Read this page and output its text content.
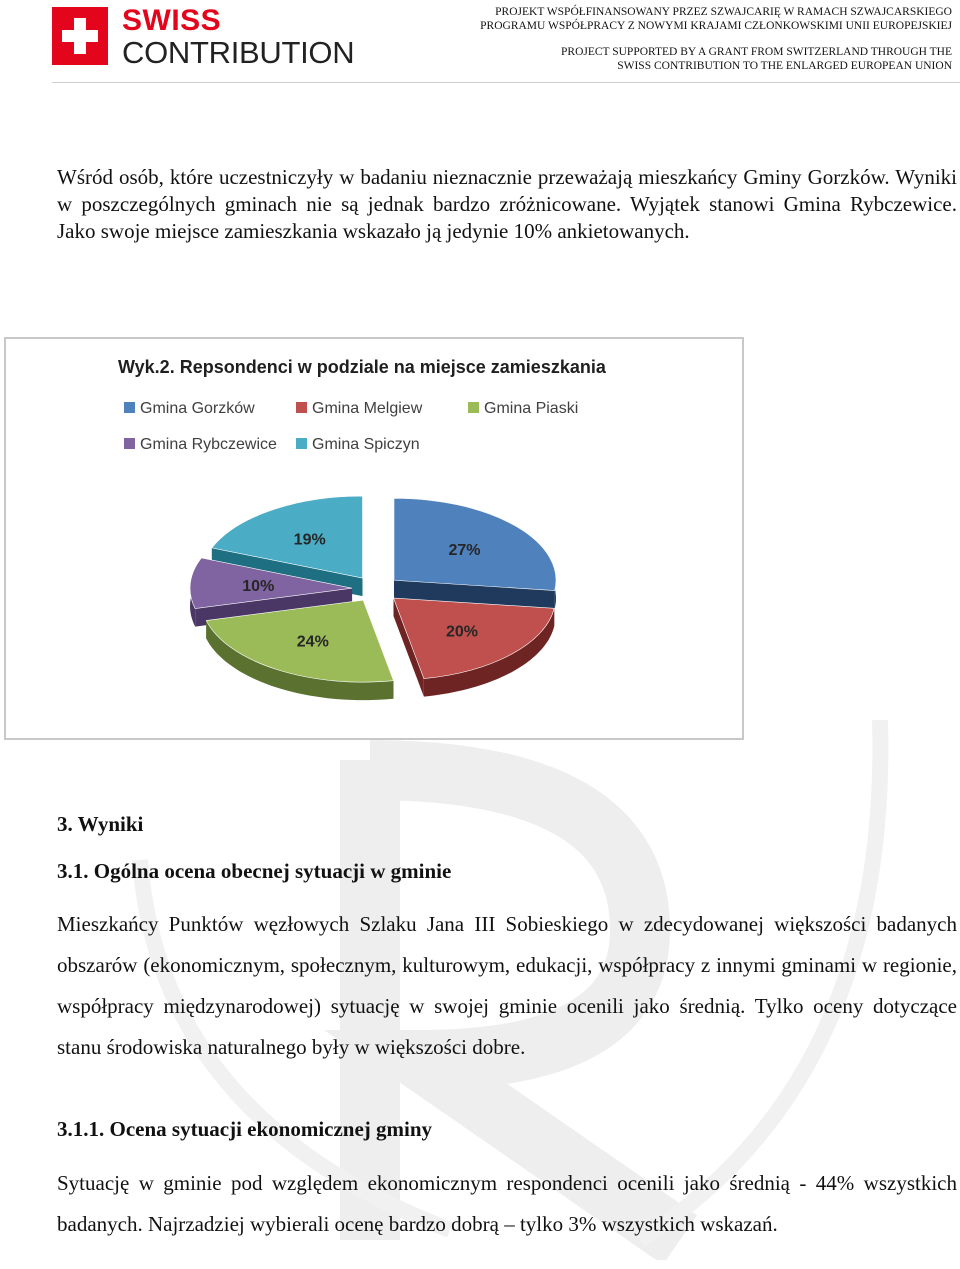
SWISS
CONTRIBUTION
PROJEKT WSPÓŁFINANSOWANY PRZEZ SZWAJCARIĘ W RAMACH SZWAJCARSKIEGO
PROGRAMU WSPÓŁPRACY Z NOWYMI KRAJAMI CZŁONKOWSKIMI UNII EUROPEJSKIEJ
PROJECT SUPPORTED BY A GRANT FROM SWITZERLAND THROUGH THE
SWISS CONTRIBUTION TO THE ENLARGED EUROPEAN UNION

Wśród osób, które uczestniczyły w badaniu nieznacznie przeważają mieszkańcy Gminy Gorzków. Wyniki w poszczególnych gminach nie są jednak bardzo zróżnicowane. Wyjątek stanowi Gmina Rybczewice. Jako swoje miejsce zamieszkania wskazało ją jedynie 10% ankietowanych.

Wyk.2. Repsondenci w podziale na miejsce zamieszkania
Gmina Gorzków	Gmina Melgiew	Gmina Piaski
Gmina Rybczewice Gmina Spiczyn
27%
20%
24%
10%
19%
3. Wyniki
3.1. Ogólna ocena obecnej sytuacji w gminie

Mieszkańcy Punktów węzłowych Szlaku Jana III Sobieskiego w zdecydowanej większości badanych obszarów (ekonomicznym, społecznym, kulturowym, edukacji, współpracy z innymi gminami w regionie, współpracy międzynarodowej) sytuację w swojej gminie ocenili jako średnią. Tylko oceny dotyczące stanu środowiska naturalnego były w większości dobre.

3.1.1. Ocena sytuacji ekonomicznej gminy

Sytuację w gminie pod względem ekonomicznym respondenci ocenili jako średnią - 44% wszystkich badanych. Najrzadziej wybierali ocenę bardzo dobrą – tylko 3% wszystkich wskazań.
